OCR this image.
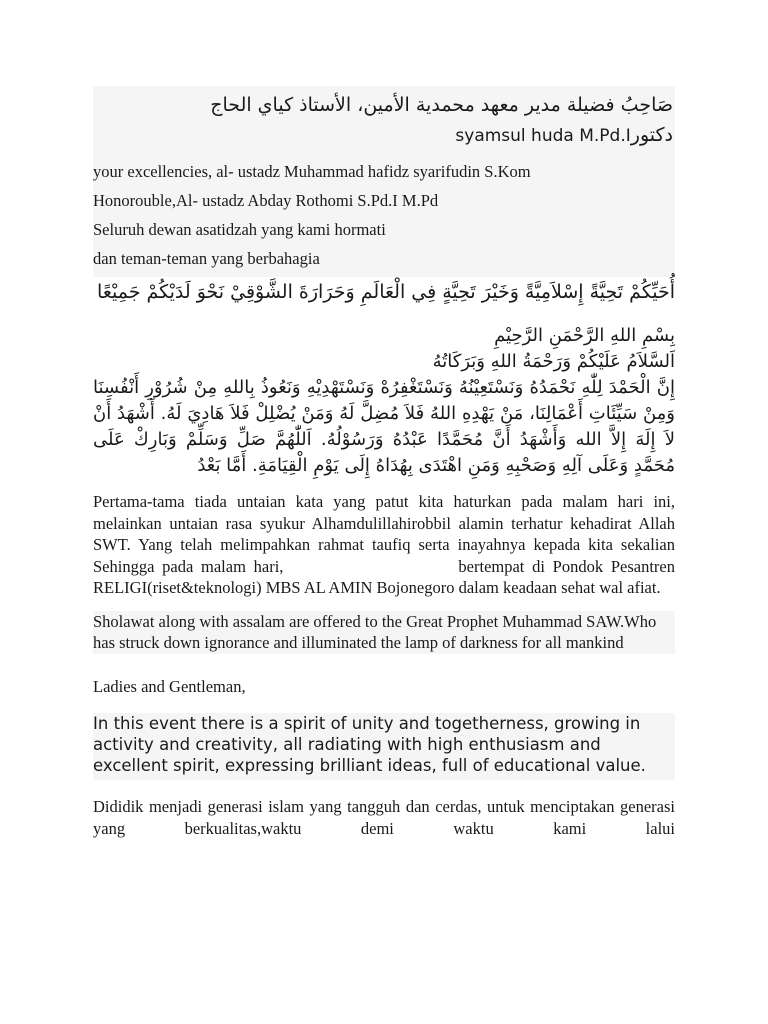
صَاحِبُ فضيلة مدير معهد محمدية الأمين، الأستاذ كياي الحاج دكتورsyamsul huda M.Pd.I

your excellencies, al- ustadz Muhammad hafidz syarifudin S.Kom

Honorouble,Al- ustadz Abday Rothomi S.Pd.I M.Pd

Seluruh dewan asatidzah yang kami hormati

dan teman-teman yang berbahagia

أُحَيِّكُمْ تَحِيَّةً إِسْلاَمِيَّةً وَخَيْرَ تَحِيَّةٍ فِي الْعَالَمِ وَحَرَارَةَ الشَّوْقِيْ نَحْوَ لَدَيْكُمْ جَمِيْعًا

بِسْمِ اللهِ الرَّحْمَنِ الرَّحِيْمِ

اَلسَّلاَمُ عَلَيْكُمْ وَرَحْمَةُ اللهِ وَبَرَكَاتُهُ

إِنَّ الْحَمْدَ لِلّٰهِ نَحْمَدُهُ وَنَسْتَعِيْنُهُ وَنَسْتَغْفِرُهْ وَنَسْتَهْدِيْهِ وَنَعُوذُ بِاللهِ مِنْ شُرُوْرِ أَنْفُسِنَا وَمِنْ سَيِّئَاتِ أَعْمَالِنَا، مَنْ يَهْدِهِ اللهُ فَلاَ مُضِلَّ لَهُ وَمَنْ يُضْلِلْ فَلاَ هَادِيَ لَهُ. أَشْهَدُ أَنْ لاَ إِلَهَ إِلاَّ الله وَأَشْهَدُ أَنَّ مُحَمَّدًا عَبْدُهُ وَرَسُوْلُهُ. اَللّٰهُمَّ صَلِّ وَسَلِّمْ وَبَارِكْ عَلَى مُحَمَّدٍ وَعَلَى آلِهِ وَصَحْبِهِ وَمَنِ اهْتَدَى بِهُدَاهُ إِلَى يَوْمِ الْقِيَامَةِ. أَمَّا بَعْدُ

Pertama-tama tiada untaian kata yang patut kita haturkan pada malam hari ini, melainkan untaian rasa syukur Alhamdulillahirobbil alamin terhatur kehadirat Allah SWT. Yang telah melimpahkan rahmat taufiq serta inayahnya kepada kita sekalian Sehingga pada malam hari,	bertempat di Pondok Pesantren RELIGI(riset&teknologi) MBS AL AMIN Bojonegoro dalam keadaan sehat wal afiat.

Sholawat along with assalam are offered to the Great Prophet Muhammad SAW.Who has struck down ignorance and illuminated the lamp of darkness for all mankind

Ladies and Gentleman,

In this event there is a spirit of unity and togetherness, growing in activity and creativity, all radiating with high enthusiasm and excellent spirit, expressing brilliant ideas, full of educational value.

Dididik menjadi generasi islam yang tangguh dan cerdas, untuk menciptakan generasi yang berkualitas,waktu demi waktu kami lalui
